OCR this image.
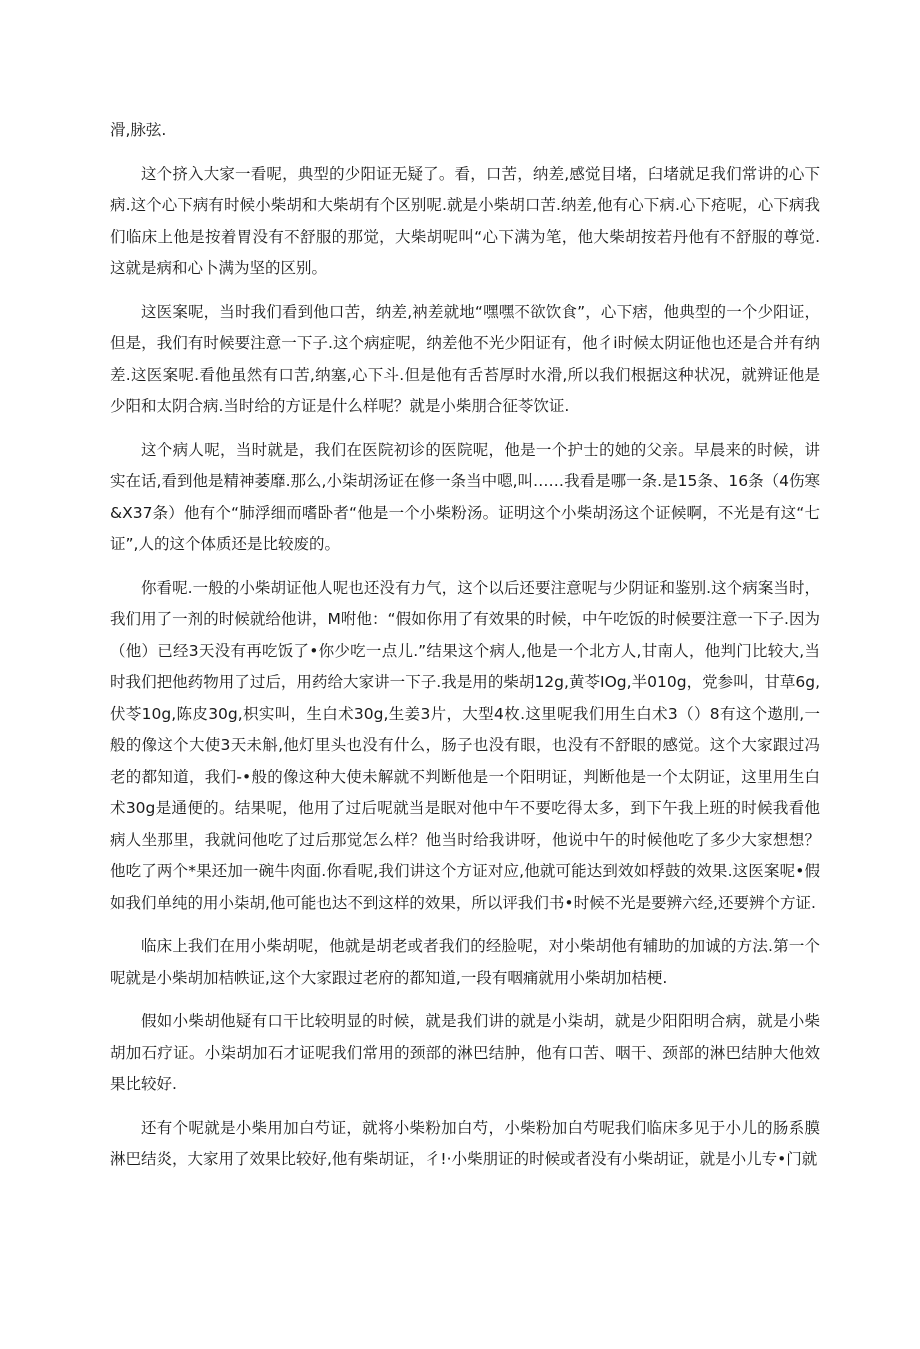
滑,脉弦.

这个挤入大家一看呢，典型的少阳证无疑了。看，口苦，纳差,感觉目堵，臼堵就足我们常讲的心下病.这个心下病有时候小柴胡和大柴胡有个区别呢.就是小柴胡口苦.纳差,他有心下病.心下疮呢，心下病我们临床上他是按着胃没有不舒服的那觉，大柴胡呢叫“心下满为笔，他大柴胡按若丹他有不舒服的尊觉.这就是病和心卜满为坚的区别。

这医案呢，当时我们看到他口苦，纳差,衲差就地“嘿嘿不欲饮食”，心下痞，他典型的一个少阳证，但是，我们有时候要注意一下子.这个病症呢，纳差他不光少阳证有，他彳i时候太阴证他也还是合并有纳差.这医案呢.看他虽然有口苦,纳塞,心下斗.但是他有舌苔厚时水滑,所以我们根据这种状况，就辨证他是少阳和太阴合病.当时给的方证是什么样呢？就是小柴朋合征苓饮证.

这个病人呢，当时就是，我们在医院初诊的医院呢，他是一个护士的她的父亲。早晨来的时候，讲实在话,看到他是精神萎靡.那么,小柒胡汤证在修一条当中嗯,叫……我看是哪一条.是15条、16条（4伤寒&X37条）他有个“肺浮细而嗜卧者“他是一个小柴粉汤。证明这个小柴胡汤这个证候啊，不光是有这“七证”,人的这个体质还是比较废的。

你看呢.一般的小柴胡证他人呢也还没有力气，这个以后还要注意呢与少阴证和鉴别.这个病案当时，我们用了一剂的时候就给他讲，M咐他：“假如你用了有效果的时候，中午吃饭的时候要注意一下子.因为（他）已经3天没有再吃饭了•你少吃一点儿.”结果这个病人,他是一个北方人,甘南人，他判门比较大,当时我们把他药物用了过后，用药给大家讲一下子.我是用的柴胡12g,黄苓IOg,半010g，党参叫，甘草6g,伏苓10g,陈皮30g,枳实叫，生白术30g,生姜3片，大型4枚.这里呢我们用生白术3（）8有这个遨刖,一般的像这个大使3天未斛,他灯里头也没有什么，肠子也没有眼，也没有不舒眼的感觉。这个大家跟过冯老的都知道，我们-•般的像这种大使未解就不判断他是一个阳明证，判断他是一个太阴证，这里用生白术30g是通便的。结果呢，他用了过后呢就当是眠对他中午不要吃得太多，到下午我上班的时候我看他病人坐那里，我就问他吃了过后那觉怎么样？他当时给我讲呀，他说中午的时候他吃了多少大家想想？他吃了两个*果还加一碗牛肉面.你看呢,我们讲这个方证对应,他就可能达到效如桴鼓的效果.这医案呢•假如我们单纯的用小柒胡,他可能也达不到这样的效果，所以评我们书•时候不光是要辨六经,还要辨个方证.

临床上我们在用小柴胡呢，他就是胡老或者我们的经脸呢，对小柴胡他有辅助的加诚的方法.第一个呢就是小柴胡加桔帙证,这个大家跟过老府的都知道,一段有咽痛就用小柴胡加桔梗.

假如小柴胡他疑有口干比较明显的时候，就是我们讲的就是小柒胡，就是少阳阳明合病，就是小柴胡加石疗证。小柒胡加石才证呢我们常用的颈部的淋巴结肿，他有口苦、咽干、颈部的淋巴结肿大他效果比较好.

还有个呢就是小柴用加白芍证，就将小柴粉加白芍，小柴粉加白芍呢我们临床多见于小儿的肠系膜淋巴结炎，大家用了效果比较好,他有柴胡证，彳!·小柴朋证的时候或者没有小柴胡证，就是小儿专•门就
